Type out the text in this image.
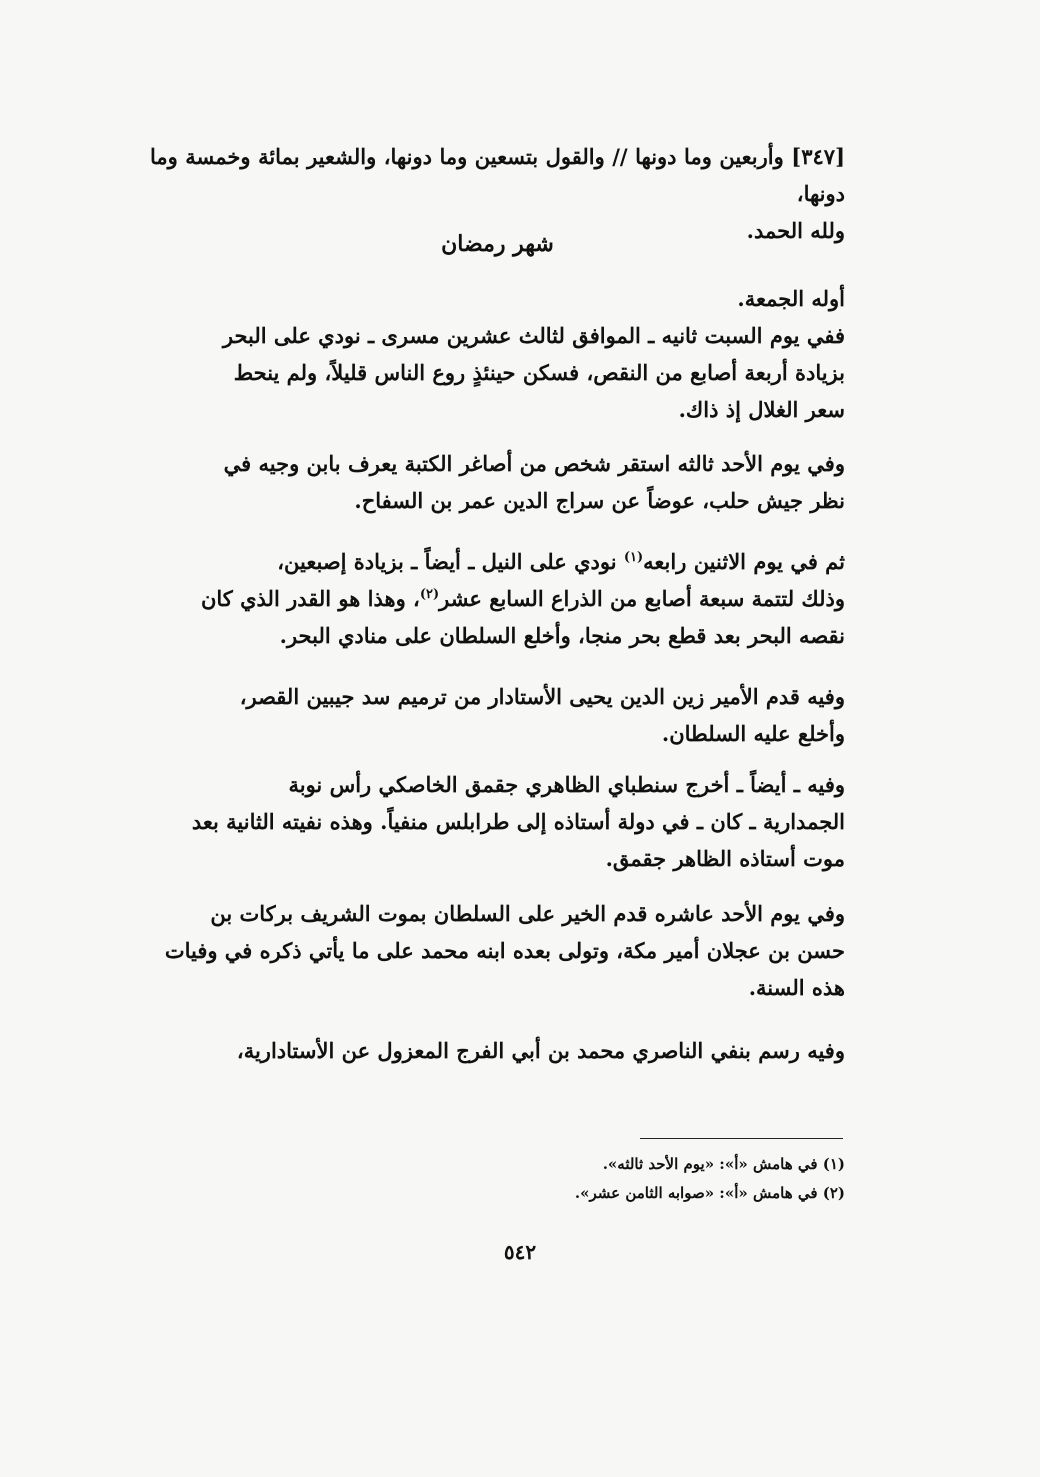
[٣٤٧] وأربعين وما دونها // والقول بتسعين وما دونها، والشعير بمائة وخمسة وما دونها،
ولله الحمد.
شهر رمضان
أوله الجمعة.
ففي يوم السبت ثانيه ـ الموافق لثالث عشرين مسرى ـ نودي على البحر
بزيادة أربعة أصابع من النقص، فسكن حينئذٍ روع الناس قليلاً، ولم ينحط
سعر الغلال إذ ذاك.
وفي يوم الأحد ثالثه استقر شخص من أصاغر الكتبة يعرف بابن وجيه في
نظر جيش حلب، عوضاً عن سراج الدين عمر بن السفاح.
ثم في يوم الاثنين رابعه$^{(١)}$ نودي على النيل ـ أيضاً ـ بزيادة إصبعين،
وذلك لتتمة سبعة أصابع من الذراع السابع عشر$^{(٢)}$، وهذا هو القدر الذي كان
نقصه البحر بعد قطع بحر منجا، وأخلع السلطان على منادي البحر.
وفيه قدم الأمير زين الدين يحيى الأستادار من ترميم سد جيبين القصر،
وأخلع عليه السلطان.
وفيه ـ أيضاً ـ أخرج سنطباي الظاهري جقمق الخاصكي رأس نوبة
الجمدارية ـ كان ـ في دولة أستاذه إلى طرابلس منفياً. وهذه نفيته الثانية بعد
موت أستاذه الظاهر جقمق.
وفي يوم الأحد عاشره قدم الخير على السلطان بموت الشريف بركات بن
حسن بن عجلان أمير مكة، وتولى بعده ابنه محمد على ما يأتي ذكره في وفيات
هذه السنة.
وفيه رسم بنفي الناصري محمد بن أبي الفرج المعزول عن الأستادارية،
(١) في هامش «أ»: «يوم الأحد ثالثه».
(٢) في هامش «أ»: «صوابه الثامن عشر».
٥٤٢
